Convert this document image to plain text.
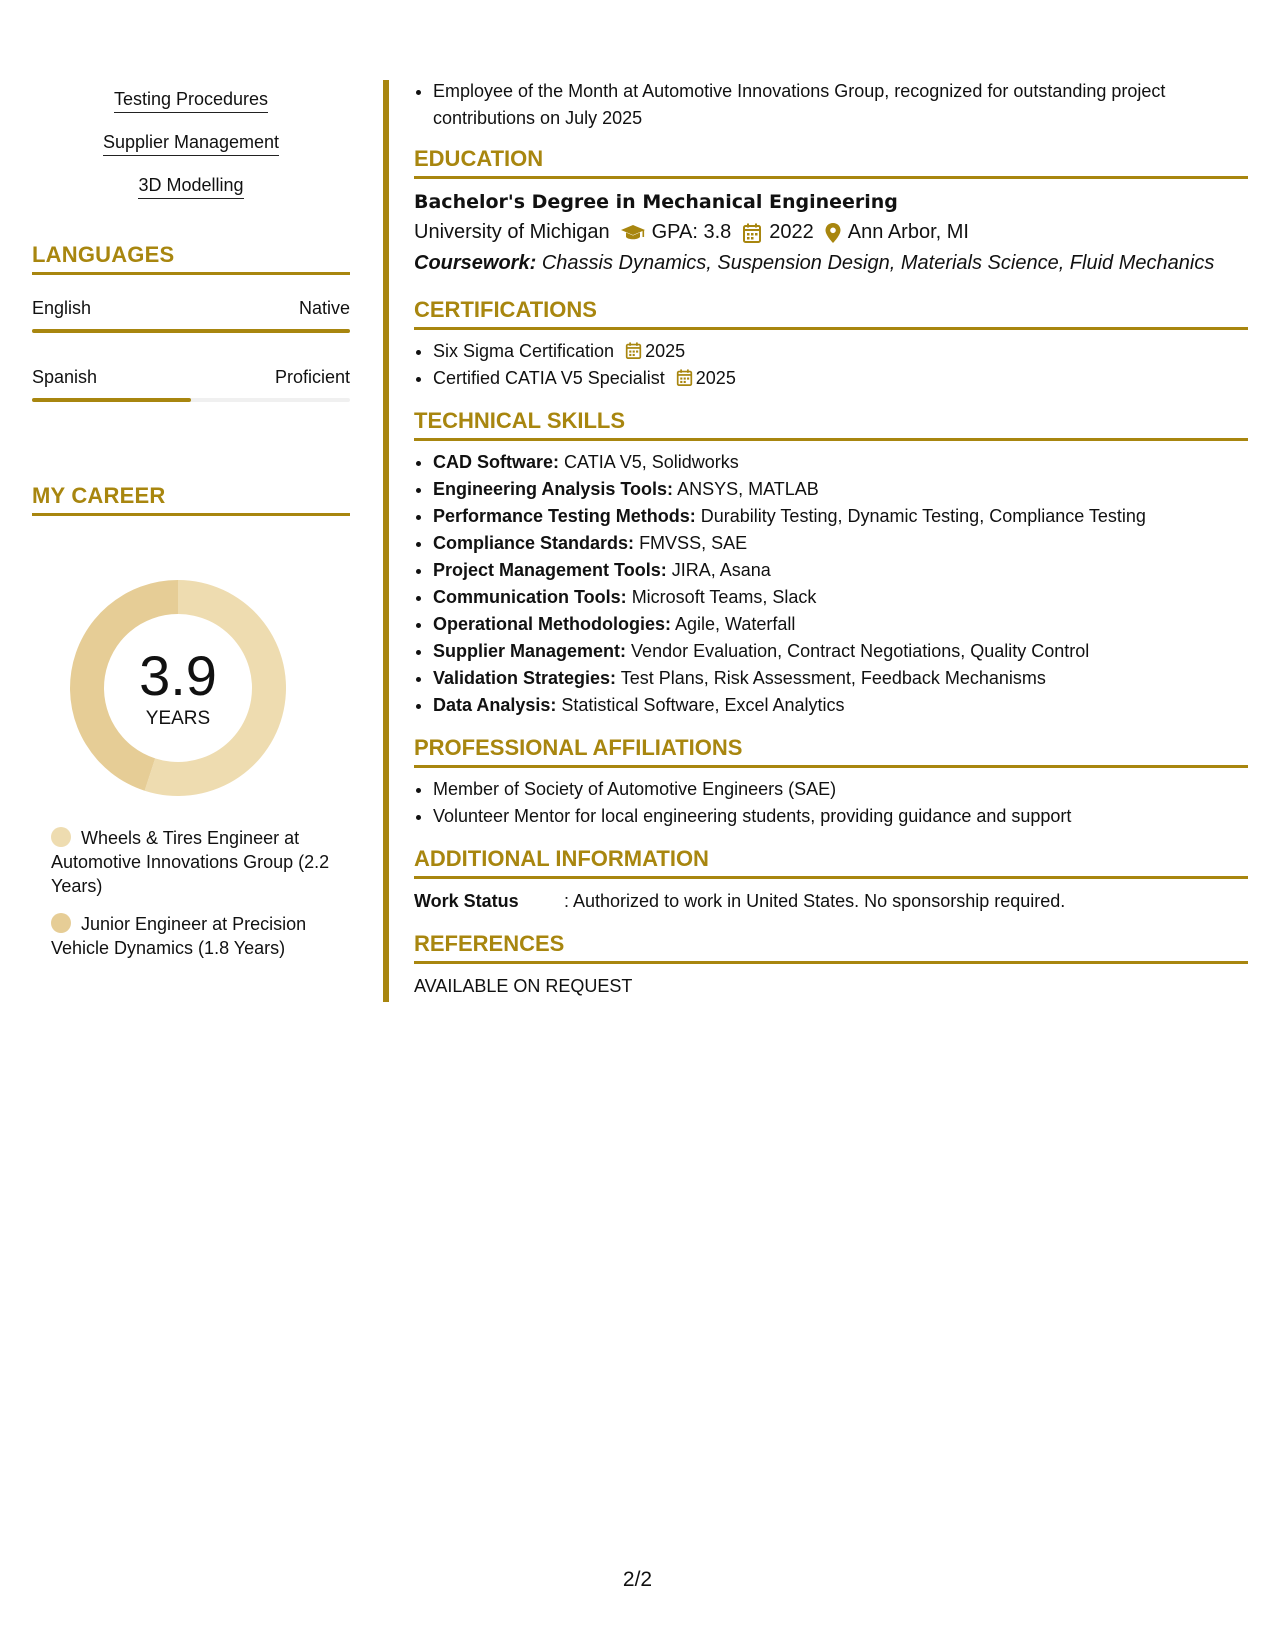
Testing Procedures
Supplier Management
3D Modelling
LANGUAGES
English	Native
Spanish	Proficient
MY CAREER
3.9
YEARS
Wheels & Tires Engineer at Automotive Innovations Group (2.2 Years)
Junior Engineer at Precision Vehicle Dynamics (1.8 Years)
• Employee of the Month at Automotive Innovations Group, recognized for outstanding project contributions on July 2025
EDUCATION
Bachelor's Degree in Mechanical Engineering
University of Michigan GPA: 3.8 2022 Ann Arbor, MI
Coursework: Chassis Dynamics, Suspension Design, Materials Science, Fluid Mechanics
CERTIFICATIONS
• Six Sigma Certification 2025
• Certified CATIA V5 Specialist 2025
TECHNICAL SKILLS
• CAD Software: CATIA V5, Solidworks
• Engineering Analysis Tools: ANSYS, MATLAB
• Performance Testing Methods: Durability Testing, Dynamic Testing, Compliance Testing
• Compliance Standards: FMVSS, SAE
• Project Management Tools: JIRA, Asana
• Communication Tools: Microsoft Teams, Slack
• Operational Methodologies: Agile, Waterfall
• Supplier Management: Vendor Evaluation, Contract Negotiations, Quality Control
• Validation Strategies: Test Plans, Risk Assessment, Feedback Mechanisms
• Data Analysis: Statistical Software, Excel Analytics
PROFESSIONAL AFFILIATIONS
• Member of Society of Automotive Engineers (SAE)
• Volunteer Mentor for local engineering students, providing guidance and support
ADDITIONAL INFORMATION
Work Status	: Authorized to work in United States. No sponsorship required.
REFERENCES
AVAILABLE ON REQUEST
2/2
